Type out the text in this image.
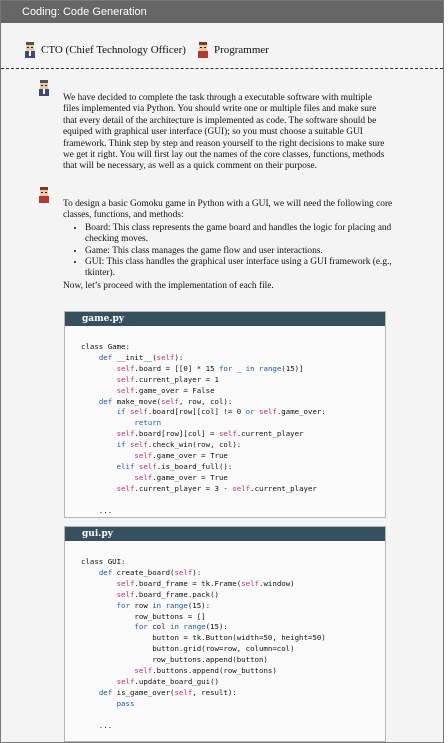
Coding: Code Generation
CTO (Chief Technology Officer)	Programmer
We have decided to complete the task through a executable software with multiple files implemented via Python. You should write one or multiple files and make sure that every detail of the architecture is implemented as code. The software should be equiped with graphical user interface (GUI); so you must choose a suitable GUI framework. Think step by step and reason yourself to the right decisions to make sure we get it right. You will first lay out the names of the core classes, functions, methods that will be necessary, as well as a quick comment on their purpose.
To design a basic Gomoku game in Python with a GUI, we will need the following core classes, functions, and methods:
• Board: This class represents the game board and handles the logic for placing and checking moves.
• Game: This class manages the game flow and user interactions.
• GUI: This class handles the graphical user interface using a GUI framework (e.g., tkinter).
Now, let’s proceed with the implementation of each file.
game.py
class Game:
def __init__(self):
self.board = [[0] * 15 for _ in range(15)]
self.current_player = 1
self.game_over = False
def make_move(self, row, col):
if self.board[row][col] != 0 or self.game_over:
return
self.board[row][col] = self.current_player
if self.check_win(row, col):
self.game_over = True
elif self.is_board_full():
self.game_over = True
self.current_player = 3 - self.current_player

...
gui.py
class GUI:
def create_board(self):
self.board_frame = tk.Frame(self.window)
self.board_frame.pack()
for row in range(15):
row_buttons = []
for col in range(15):
button = tk.Button(width=50, height=50)
button.grid(row=row, column=col)
row_buttons.append(button)
self.buttons.append(row_buttons)
self.update_board_gui()
def is_game_over(self, result):
pass

...
